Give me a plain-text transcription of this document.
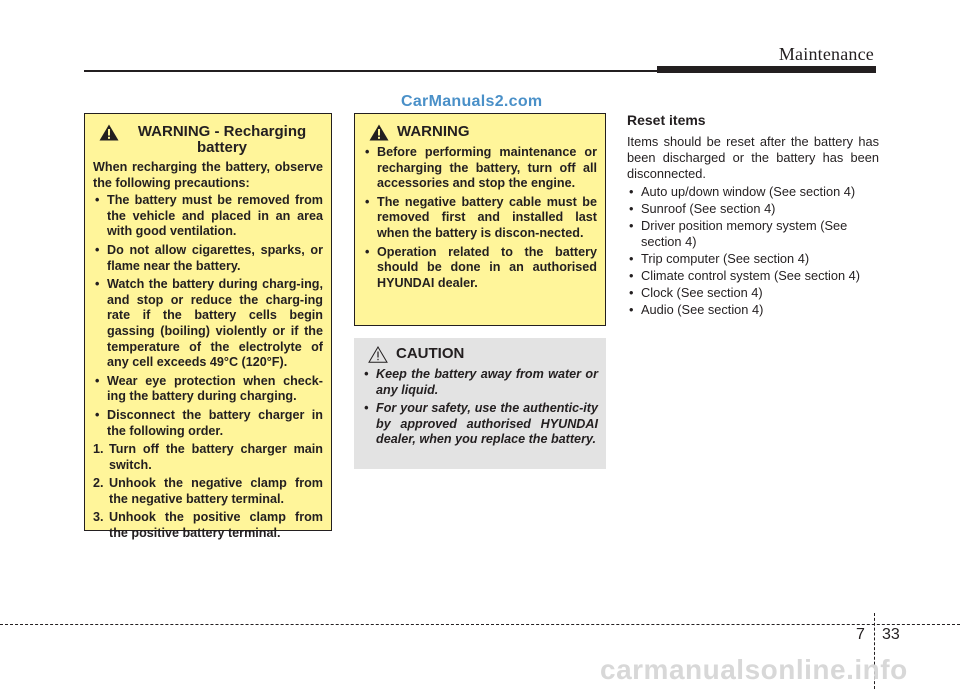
Maintenance
CarManuals2.com
WARNING - Recharging
battery
When recharging the battery, observe the following precautions:
• The battery must be removed from the vehicle and placed in an area with good ventilation.
• Do not allow cigarettes, sparks, or flame near the battery.
• Watch the battery during charg-ing, and stop or reduce the charg-ing rate if the battery cells begin gassing (boiling) violently or if the temperature of the electrolyte of any cell exceeds 49°C (120°F).
• Wear eye protection when check-ing the battery during charging.
• Disconnect the battery charger in the following order.
1. Turn off the battery charger main switch.
2. Unhook the negative clamp from the negative battery terminal.
3. Unhook the positive clamp from the positive battery terminal.
WARNING
• Before performing maintenance or recharging the battery, turn off all accessories and stop the engine.
• The negative battery cable must be removed first and installed last when the battery is discon-nected.
• Operation related to the battery should be done in an authorised HYUNDAI dealer.
CAUTION
• Keep the battery away from water or any liquid.
• For your safety, use the authentic-ity by approved authorised HYUNDAI dealer, when you replace the battery.
Reset items
Items should be reset after the battery has been discharged or the battery has been disconnected.
• Auto up/down window (See section 4)
• Sunroof (See section 4)
• Driver position memory system (See section 4)
• Trip computer (See section 4)
• Climate control system (See section 4)
• Clock (See section 4)
• Audio (See section 4)
7 33
carmanualsonline.info
